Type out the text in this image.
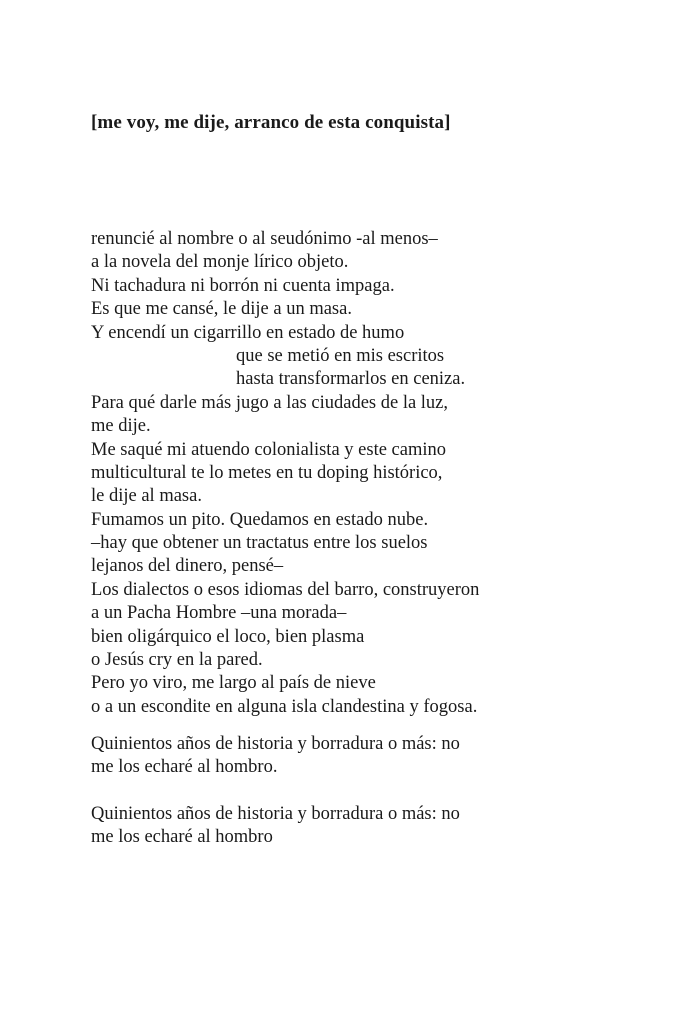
[me voy, me dije, arranco de esta conquista]
renuncié al nombre o al seudónimo -al menos–
a la novela del monje lírico objeto.
Ni tachadura ni borrón ni cuenta impaga.
Es que me cansé, le dije a un masa.
Y encendí un cigarrillo en estado de humo
que se metió en mis escritos
hasta transformarlos en ceniza.
Para qué darle más jugo a las ciudades de la luz,
me dije.
Me saqué mi atuendo colonialista y este camino
multicultural te lo metes en tu doping histórico,
le dije al masa.
Fumamos un pito. Quedamos en estado nube.
–hay que obtener un tractatus entre los suelos
lejanos del dinero, pensé–
Los dialectos o esos idiomas del barro, construyeron
a un Pacha Hombre –una morada–
bien oligárquico el loco, bien plasma
o Jesús cry en la pared.
Pero yo viro, me largo al país de nieve
o a un escondite en alguna isla clandestina y fogosa.
Quinientos años de historia y borradura o más: no
me los echaré al hombro.
Quinientos años de historia y borradura o más: no
me los echaré al hombro
